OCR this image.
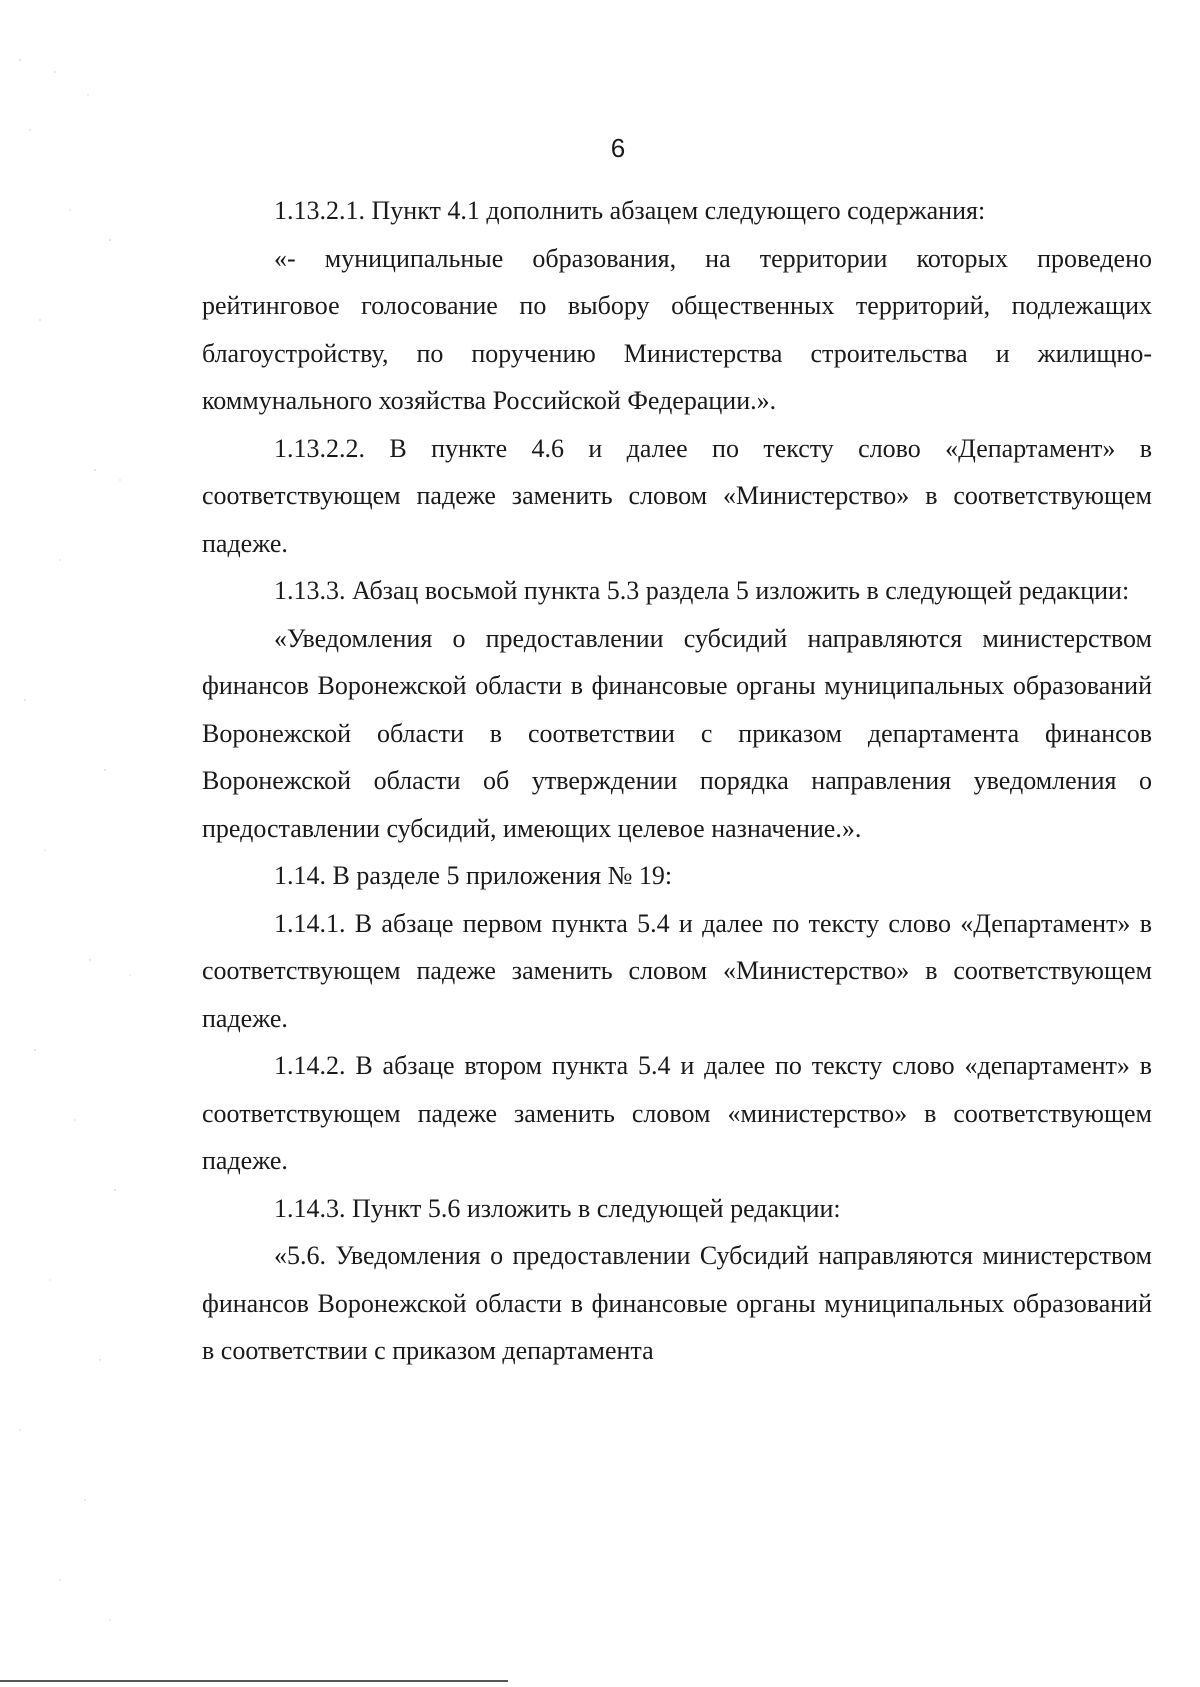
6

1.13.2.1. Пункт 4.1 дополнить абзацем следующего содержания:

«- муниципальные образования, на территории которых проведено рейтинговое голосование по выбору общественных территорий, подлежащих благоустройству, по поручению Министерства строительства и жилищно-коммунального хозяйства Российской Федерации.».

1.13.2.2. В пункте 4.6 и далее по тексту слово «Департамент» в соответствующем падеже заменить словом «Министерство» в соответствующем падеже.

1.13.3. Абзац восьмой пункта 5.3 раздела 5 изложить в следующей редакции:

«Уведомления о предоставлении субсидий направляются министерством финансов Воронежской области в финансовые органы муниципальных образований Воронежской области в соответствии с приказом департамента финансов Воронежской области об утверждении порядка направления уведомления о предоставлении субсидий, имеющих целевое назначение.».

1.14. В разделе 5 приложения № 19:

1.14.1. В абзаце первом пункта 5.4 и далее по тексту слово «Департамент» в соответствующем падеже заменить словом «Министерство» в соответствующем падеже.

1.14.2. В абзаце втором пункта 5.4 и далее по тексту слово «департамент» в соответствующем падеже заменить словом «министерство» в соответствующем падеже.

1.14.3. Пункт 5.6 изложить в следующей редакции:

«5.6. Уведомления о предоставлении Субсидий направляются министерством финансов Воронежской области в финансовые органы муниципальных образований в соответствии с приказом департамента
